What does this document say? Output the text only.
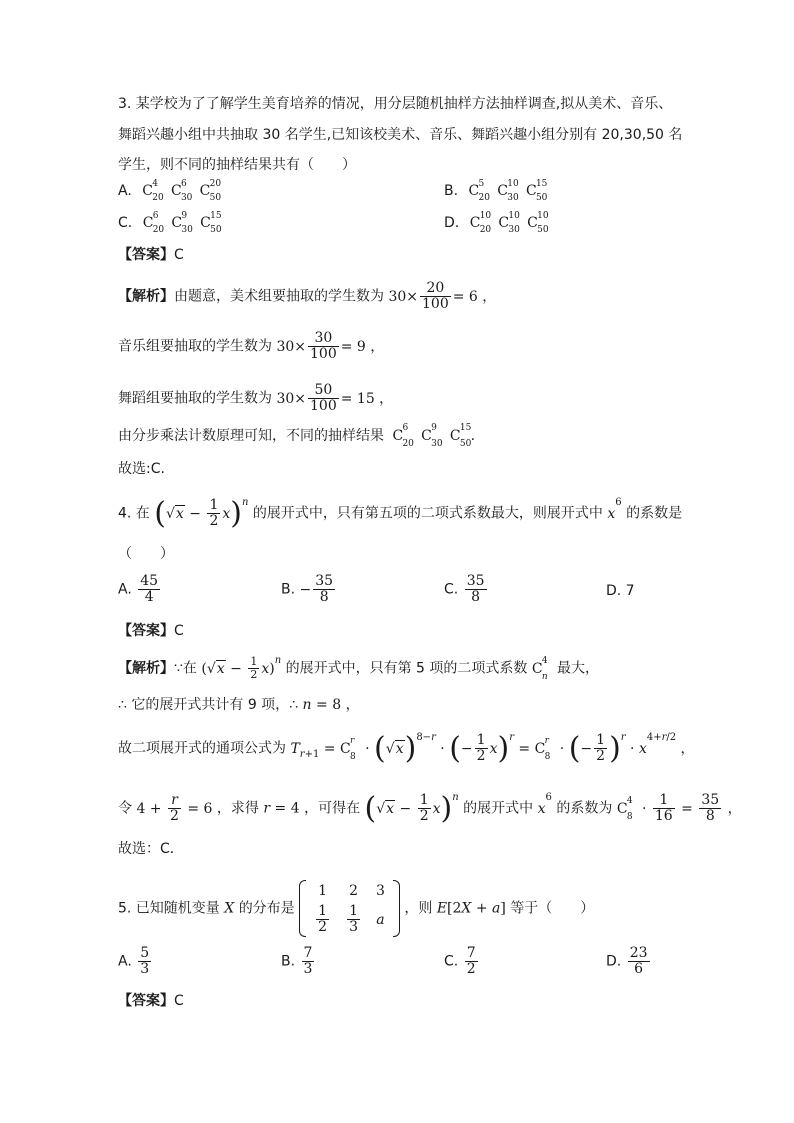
3. 某学校为了了解学生美育培养的情况，用分层随机抽样方法抽样调查,拟从美术、音乐、
舞蹈兴趣小组中共抽取 30 名学生,已知该校美术、音乐、舞蹈兴趣小组分别有 20,30,50 名
学生，则不同的抽样结果共有（　　）
A. C 4
20 C 6
30 C 20
50	B. C 5
20 C 10
30 C 15
50
C. C 6
20 C 9
30 C 15
50	D. C 10
20 C 10
30 C 10
50
【答案】C
【解析】由题意，美术组要抽取的学生数为 $30\times \frac{20}{100} = 6$ ，
音乐组要抽取的学生数为 $30\times \frac{30}{100} = 9$ ，
舞蹈组要抽取的学生数为 $30\times \frac{50}{100} = 15$ ，
由分步乘法计数原理可知，不同的抽样结果 C 6
20 C 9
30 C 15
50 .
故选:C.
4. 在 $(√x - \frac{1}{2} x)^n$ 的展开式中，只有第五项的二项式系数最大，则展开式中 $x^6$ 的系数是
（　　）
A. $\frac{45}{4}$	B. − $\frac{35}{8}$	C. $\frac{35}{8}$	D. 7
【答案】C
【解析】∵在 $(√x - \frac{1}{2} x)^n$ 的展开式中，只有第 5 项的二项式系数 C 4
n 最大，
∴ 它的展开式共计有 9 项，∴ n = 8 ，
故二项展开式的通项公式为 $T_{r+1} = C$ r
$8 \cdot (√x)^{8-r}$ · (− $\frac{1}{2} x)^r = C$ r
8 · (− $\frac{1}{2} )^r \cdot x^{4+r/2}$ ，
令 $4 + \frac{r}{2} = 6$ ，求得 r = 4 ，可得在 $(√x - \frac{1}{2} x)^n$ 的展开式中 $x^6$ 的系数为 C 4
$8 \cdot \frac{1}{16} = \frac{35}{8}$ ，
故选：C．
5. 已知随机变量 X 的分布是
1	2	3

$\frac{1}{2}$	$\frac{1}{3}$	a
，则 E[2X + a] 等于（　　）
A. $\frac{5}{3}$	B. $\frac{7}{3}$	C. $\frac{7}{2}$	D. $\frac{23}{6}$
【答案】C
